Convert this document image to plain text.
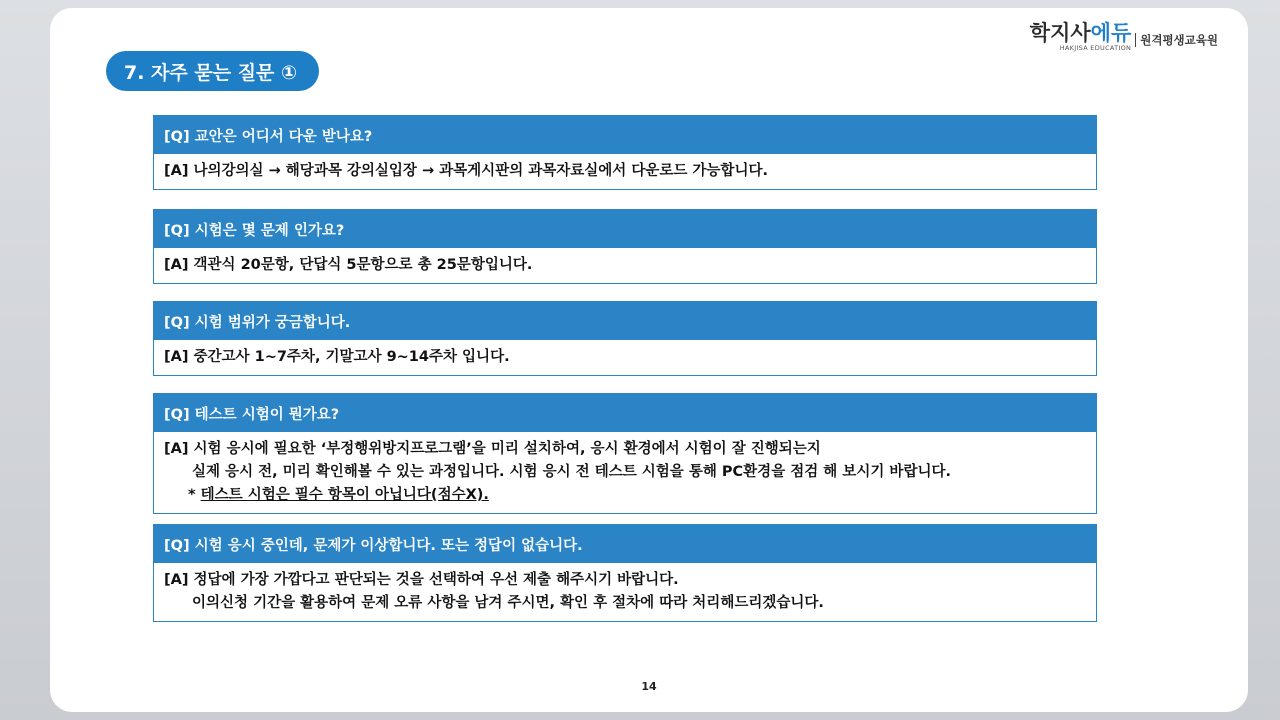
7. 자주 묻는 질문 ①
학지사에듀
HAKJISA EDUCATION
원격평생교육원
[Q] 교안은 어디서 다운 받나요?
[A] 나의강의실 → 해당과목 강의실입장 → 과목게시판의 과목자료실에서 다운로드 가능합니다.
[Q] 시험은 몇 문제 인가요?
[A] 객관식 20문항, 단답식 5문항으로 총 25문항입니다.
[Q] 시험 범위가 궁금합니다.
[A] 중간고사 1~7주차, 기말고사 9~14주차 입니다.
[Q] 테스트 시험이 뭔가요?
[A] 시험 응시에 필요한 ‘부정행위방지프로그램’을 미리 설치하여, 응시 환경에서 시험이 잘 진행되는지
실제 응시 전, 미리 확인해볼 수 있는 과정입니다. 시험 응시 전 테스트 시험을 통해 PC환경을 점검 해 보시기 바랍니다.
* 테스트 시험은 필수 항목이 아닙니다(점수X).
[Q] 시험 응시 중인데, 문제가 이상합니다. 또는 정답이 없습니다.
[A] 정답에 가장 가깝다고 판단되는 것을 선택하여 우선 제출 해주시기 바랍니다.
이의신청 기간을 활용하여 문제 오류 사항을 남겨 주시면, 확인 후 절차에 따라 처리해드리겠습니다.
14
